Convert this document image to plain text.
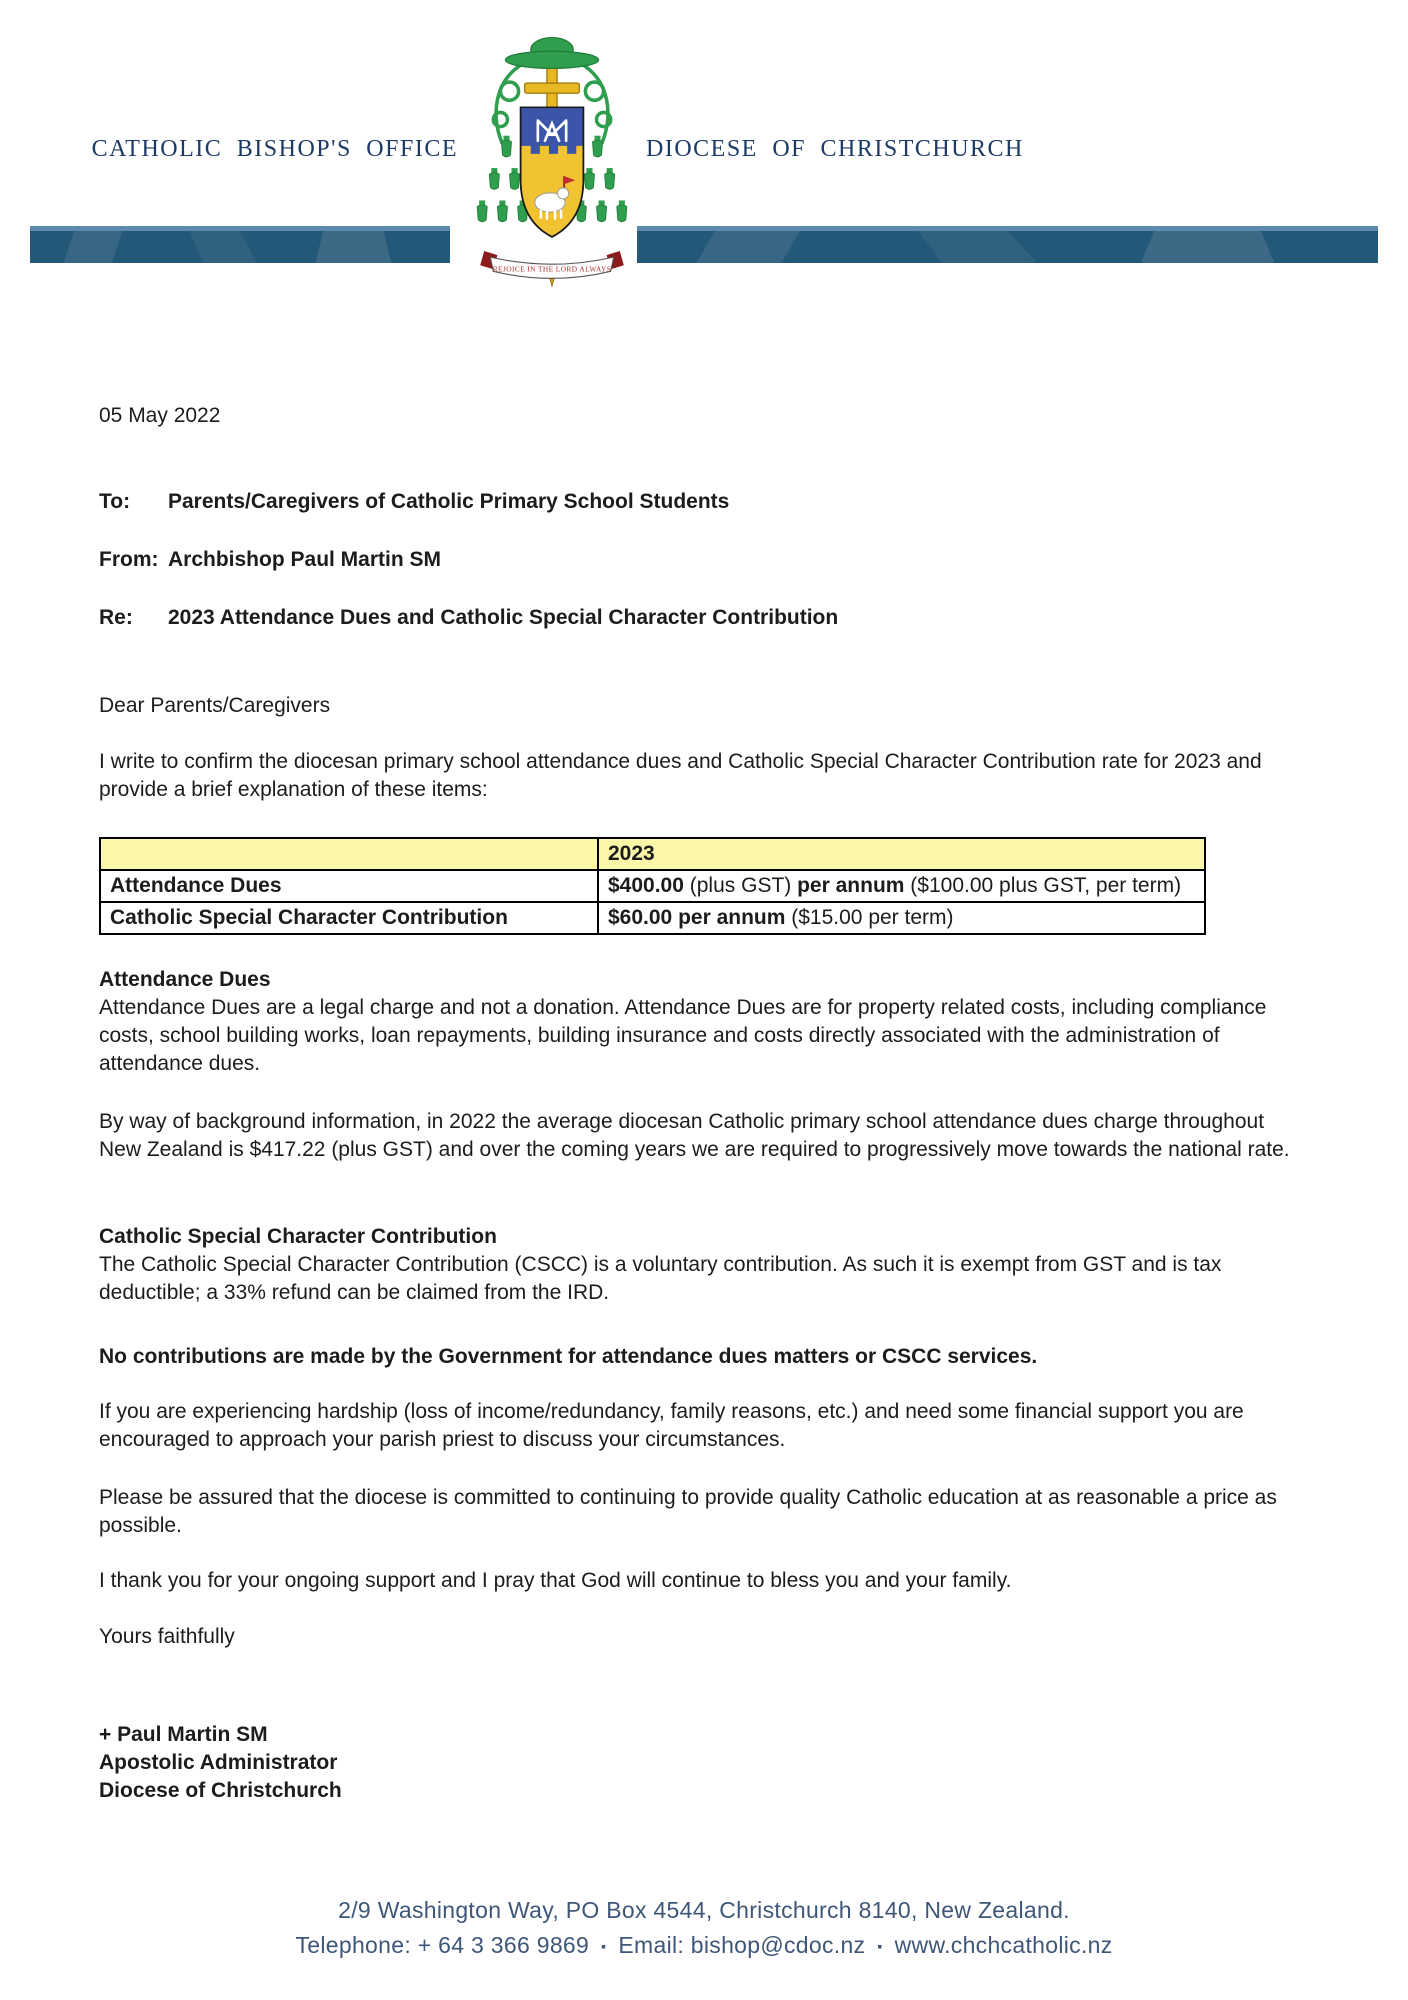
CATHOLIC BISHOP'S OFFICE	DIOCESE OF CHRISTCHURCH
REJOICE IN THE LORD ALWAYS
05 May 2022
To:	Parents/Caregivers of Catholic Primary School Students
From: Archbishop Paul Martin SM
Re:	2023 Attendance Dues and Catholic Special Character Contribution
Dear Parents/Caregivers
I write to confirm the diocesan primary school attendance dues and Catholic Special Character Contribution rate for 2023 and provide a brief explanation of these items:
	2023
Attendance Dues	$400.00 (plus GST) per annum ($100.00 plus GST, per term)
Catholic Special Character Contribution	$60.00 per annum ($15.00 per term)
Attendance Dues
Attendance Dues are a legal charge and not a donation. Attendance Dues are for property related costs, including compliance costs, school building works, loan repayments, building insurance and costs directly associated with the administration of attendance dues.
By way of background information, in 2022 the average diocesan Catholic primary school attendance dues charge throughout New Zealand is $417.22 (plus GST) and over the coming years we are required to progressively move towards the national rate.
Catholic Special Character Contribution
The Catholic Special Character Contribution (CSCC) is a voluntary contribution. As such it is exempt from GST and is tax deductible; a 33% refund can be claimed from the IRD.
No contributions are made by the Government for attendance dues matters or CSCC services.
If you are experiencing hardship (loss of income/redundancy, family reasons, etc.) and need some financial support you are encouraged to approach your parish priest to discuss your circumstances.
Please be assured that the diocese is committed to continuing to provide quality Catholic education at as reasonable a price as possible.
I thank you for your ongoing support and I pray that God will continue to bless you and your family.
Yours faithfully
+ Paul Martin SM
Apostolic Administrator
Diocese of Christchurch
2/9 Washington Way, PO Box 4544, Christchurch 8140, New Zealand.
Telephone: + 64 3 366 9869 ▪ Email: bishop@cdoc.nz ▪ www.chchcatholic.nz
